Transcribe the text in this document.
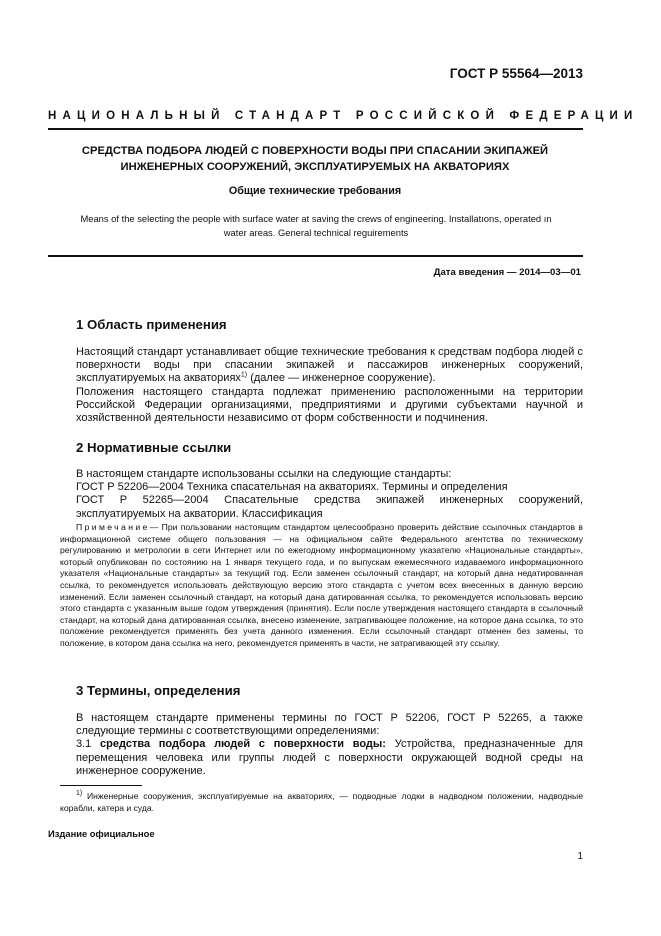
ГОСТ Р 55564—2013
НАЦИОНАЛЬНЫЙ СТАНДАРТ РОССИЙСКОЙ ФЕДЕРАЦИИ
СРЕДСТВА ПОДБОРА ЛЮДЕЙ С ПОВЕРХНОСТИ ВОДЫ ПРИ СПАСАНИИ ЭКИПАЖЕЙ
ИНЖЕНЕРНЫХ СООРУЖЕНИЙ, ЭКСПЛУАТИРУЕМЫХ НА АКВАТОРИЯХ
Общие технические требования
Means of the selecting the people with surface water at saving the crews of engineering. Installatıons, operated ın
water areas. General technical reguirements
Дата введения — 2014—03—01
1 Область применения
Настоящий стандарт устанавливает общие технические требования к средствам подбора людей с поверхности воды при спасании экипажей и пассажиров инженерных сооружений, эксплуатируемых на акваториях$^{1)}$ (далее — инженерное сооружение).
Положения настоящего стандарта подлежат применению расположенными на территории Российской Федерации организациями, предприятиями и другими субъектами научной и хозяйственной деятельности независимо от форм собственности и подчинения.
2 Нормативные ссылки
В настоящем стандарте использованы ссылки на следующие стандарты:
ГОСТ Р 52206—2004 Техника спасательная на акваториях. Термины и определения
ГОСТ Р 52265—2004 Спасательные средства экипажей инженерных сооружений, эксплуатируемых на акватории. Классификация
Примечание— При пользовании настоящим стандартом целесообразно проверить действие ссылочных стандартов в информационной системе общего пользования — на официальном сайте Федерального агентства по техническому регулированию и метрологии в сети Интернет или по ежегодному информационному указателю «Национальные стандарты», который опубликован по состоянию на 1 января текущего года, и по выпускам ежемесячного издаваемого информационного указателя «Национальные стандарты» за текущий год. Если заменен ссылочный стандарт, на который дана недатированная ссылка, то рекомендуется использовать действующую версию этого стандарта с учетом всех внесенных в данную версию изменений. Если заменен ссылочный стандарт, на который дана датированная ссылка, то рекомендуется использовать версию этого стандарта с указанным выше годом утверждения (принятия). Если после утверждения настоящего стандарта в ссылочный стандарт, на который дана датированная ссылка, внесено изменение, затрагивающее положение, на которое дана ссылка, то это положение рекомендуется применять без учета данного изменения. Если ссылочный стандарт отменен без замены, то положение, в котором дана ссылка на него, рекомендуется применять в части, не затрагивающей эту ссылку.
3 Термины, определения
В настоящем стандарте применены термины по ГОСТ Р 52206, ГОСТ Р 52265, а также следующие термины с соответствующими определениями:
3.1 средства подбора людей с поверхности воды: Устройства, предназначенные для перемещения человека или группы людей с поверхности окружающей водной среды на инженерное сооружение.
$^{1)}$ Инженерные сооружения, эксплуатируемые на акваториях, — подводные лодки в надводном положении, надводные корабли, катера и суда.
Издание официальное
1
